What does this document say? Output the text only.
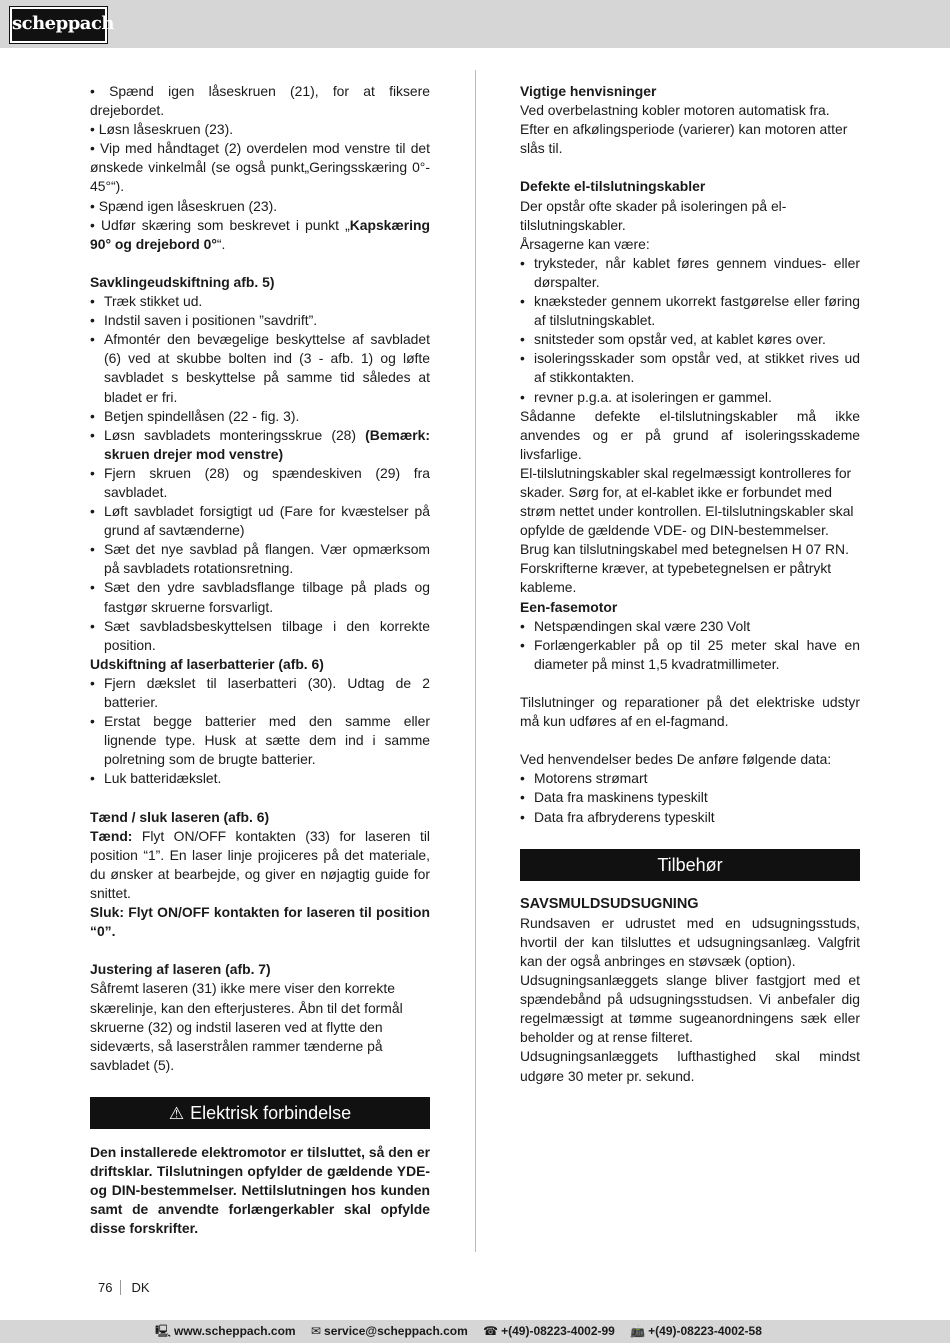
scheppach

• Spænd igen låseskruen (21), for at fiksere drejebordet.

• Løsn låseskruen (23).

• Vip med håndtaget (2) overdelen mod venstre til det ønskede vinkelmål (se også punkt„Geringsskæring 0°- 45°“).

• Spænd igen låseskruen (23).

• Udfør skæring som beskrevet i punkt „Kapskæring 90° og drejebord 0°“.

Savklingeudskiftning afb. 5)

• Træk stikket ud.
• Indstil saven i positionen ”savdrift”.
• Afmontér den bevægelige beskyttelse af savbladet (6) ved at skubbe bolten ind (3 - afb. 1) og løfte savbladet s beskyttelse på samme tid således at bladet er fri.
• Betjen spindellåsen (22 - fig. 3).
• Løsn savbladets monteringsskrue (28) (Bemærk: skruen drejer mod venstre)
• Fjern skruen (28) og spændeskiven (29) fra savbladet.
• Løft savbladet forsigtigt ud (Fare for kvæstelser på grund af savtænderne)
• Sæt det nye savblad på flangen. Vær opmærksom på savbladets rotationsretning.
• Sæt den ydre savbladsflange tilbage på plads og fastgør skruerne forsvarligt.
• Sæt savbladsbeskyttelsen tilbage i den korrekte position.

Udskiftning af laserbatterier (afb. 6)

• Fjern dækslet til laserbatteri (30). Udtag de 2 batterier.
• Erstat begge batterier med den samme eller lignende type. Husk at sætte dem ind i samme polretning som de brugte batterier.
• Luk batteridækslet.

Tænd / sluk laseren (afb. 6)

Tænd: Flyt ON/OFF kontakten (33) for laseren til position “1”. En laser linje projiceres på det materiale, du ønsker at bearbejde, og giver en nøjagtig guide for snittet.

Sluk: Flyt ON/OFF kontakten for laseren til position “0”.

Justering af laseren (afb. 7)

Såfremt laseren (31) ikke mere viser den korrekte skærelinje, kan den efterjusteres. Åbn til det formål skruerne (32) og indstil laseren ved at flytte den sideværts, så laserstrålen rammer tænderne på savbladet (5).

⚠ Elektrisk forbindelse

Den installerede elektromotor er tilsluttet, så den er driftsklar. Tilslutningen opfylder de gældende YDE- og DIN-bestemmelser. Nettilslutningen hos kunden samt de anvendte forlængerkabler skal opfylde disse forskrifter.

Vigtige henvisninger

Ved overbelastning kobler motoren automatisk fra. Efter en afkølingsperiode (varierer) kan motoren atter slås til.

Defekte el-tilslutningskabler

Der opstår ofte skader på isoleringen på el-tilslutningskabler.

Årsagerne kan være:

• tryksteder, når kablet føres gennem vindues- eller dørspalter.
• knæksteder gennem ukorrekt fastgørelse eller føring af tilslutningskablet.
• snitsteder som opstår ved, at kablet køres over.
• isoleringsskader som opstår ved, at stikket rives ud af stikkontakten.
• revner p.g.a. at isoleringen er gammel.

Sådanne defekte el-tilslutningskabler må ikke anvendes og er på grund af isoleringsskademe livsfarlige.

El-tilslutningskabler skal regelmæssigt kontrolleres for skader. Sørg for, at el-kablet ikke er forbundet med strøm nettet under kontrollen. El-tilslutningskabler skal opfylde de gældende VDE- og DIN-bestemmelser. Brug kan tilslutningskabel med betegnelsen H 07 RN.

Forskrifterne kræver, at typebetegnelsen er påtrykt kableme.

Een-fasemotor

• Netspændingen skal være 230 Volt
• Forlængerkabler på op til 25 meter skal have en diameter på minst 1,5 kvadratmillimeter.

Tilslutninger og reparationer på det elektriske udstyr må kun udføres af en el-fagmand.

Ved henvendelser bedes De anføre følgende data:

• Motorens strømart
• Data fra maskinens typeskilt
• Data fra afbryderens typeskilt
Tilbehør

SAVSMULDSUDSUGNING

Rundsaven er udrustet med en udsugningsstuds, hvortil der kan tilsluttes et udsugningsanlæg. Valgfrit kan der også anbringes en støvsæk (option).

Udsugningsanlæggets slange bliver fastgjort med et spændebånd på udsugningsstudsen. Vi anbefaler dig regelmæssigt at tømme sugeanordningens sæk eller beholder og at rense filteret.

Udsugningsanlæggets lufthastighed skal mindst udgøre 30 meter pr. sekund.

76 DK
🖳 www.scheppach.com ✉ service@scheppach.com ☎ +(49)-08223-4002-99 📠 +(49)-08223-4002-58
